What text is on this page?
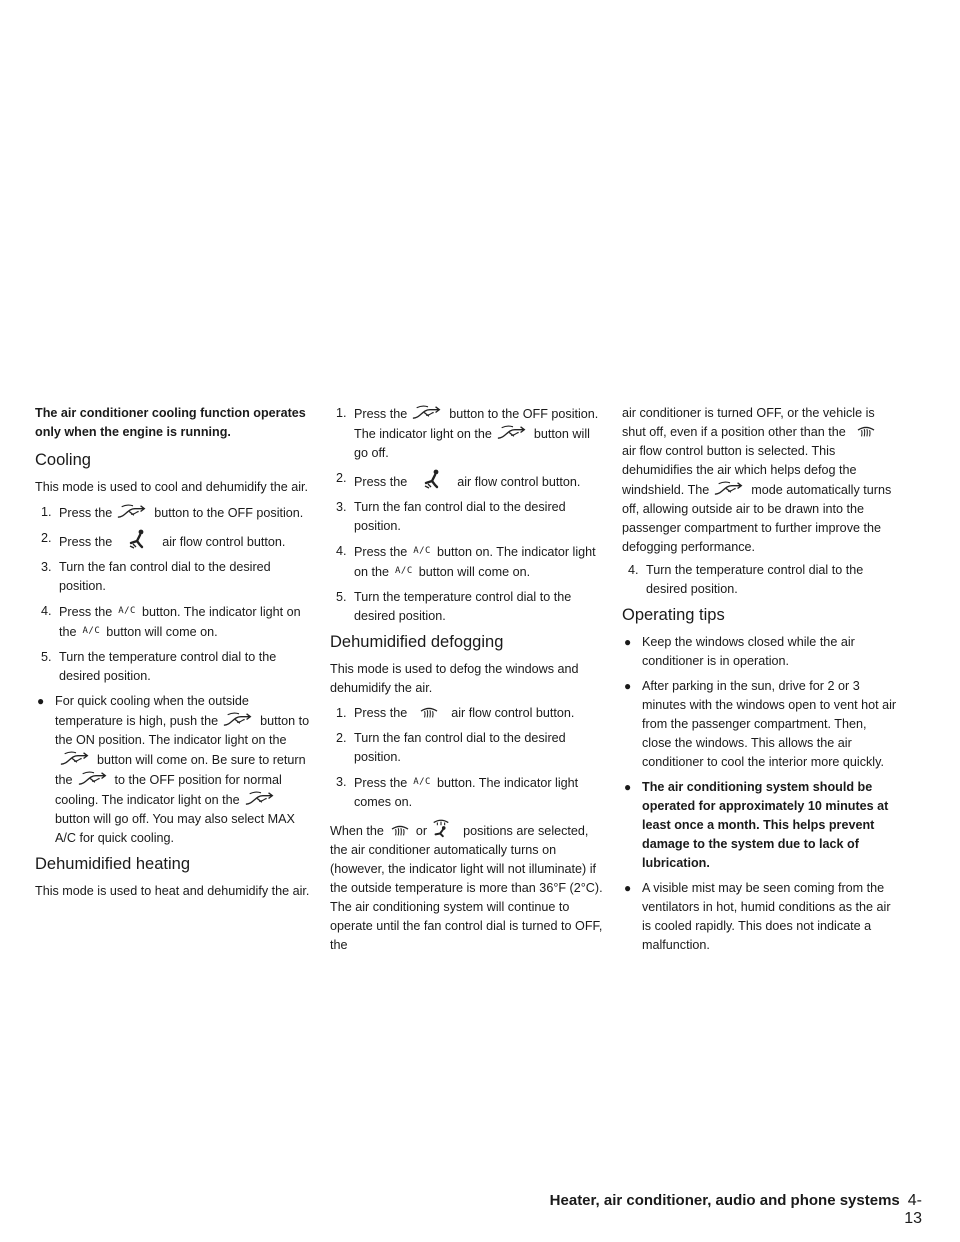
The air conditioner cooling function operates only when the engine is running.

Cooling

This mode is used to cool and dehumidify the air.

1. Press the	button to the OFF position.
2. Press the	air flow control button.
3. Turn the fan control dial to the desired position.
4. Press the A/C button. The indicator light on the A/C button will come on.
5. Turn the temperature control dial to the desired position.
● For quick cooling when the outside temperature is high, push the	button to the ON position. The indicator light on thebutton will come on. Be sure to return the	to the OFF position for normal cooling. The indicator light on thebutton will go off. You may also select MAX A/C for quick cooling.
Dehumidified heating

This mode is used to heat and dehumidify the air.

1. Press the	button to the OFF position. The indicator light on the	button will go off.
2. Press the	air flow control button.
3. Turn the fan control dial to the desired position.
4. Press the A/C button on. The indicator light on the A/C button will come on.
5. Turn the temperature control dial to the desired position.
Dehumidified defogging

This mode is used to defog the windows and dehumidify the air.

1. Press the	air flow control button.
2. Turn the fan control dial to the desired position.
3. Press the A/C button. The indicator light comes on.

When the	or	positions are selected, the air conditioner automatically turns on (however, the indicator light will not illuminate) if the outside temperature is more than 36°F (2°C). The air conditioning system will continue to operate until the fan control dial is turned to OFF, the

air conditioner is turned OFF, or the vehicle is shut off, even if a position other than theair flow control button is selected. This dehumidifies the air which helps defog the windshield. The	mode automatically turns off, allowing outside air to be drawn into the passenger compartment to further improve the defogging performance.

4. Turn the temperature control dial to the desired position.
Operating tips
● Keep the windows closed while the air conditioner is in operation.
● After parking in the sun, drive for 2 or 3 minutes with the windows open to vent hot air from the passenger compartment. Then, close the windows. This allows the air conditioner to cool the interior more quickly.
● The air conditioning system should be operated for approximately 10 minutes at least once a month. This helps prevent damage to the system due to lack of lubrication.
● A visible mist may be seen coming from the ventilators in hot, humid conditions as the air is cooled rapidly. This does not indicate a malfunction.
Heater, air conditioner, audio and phone systems 4-13
